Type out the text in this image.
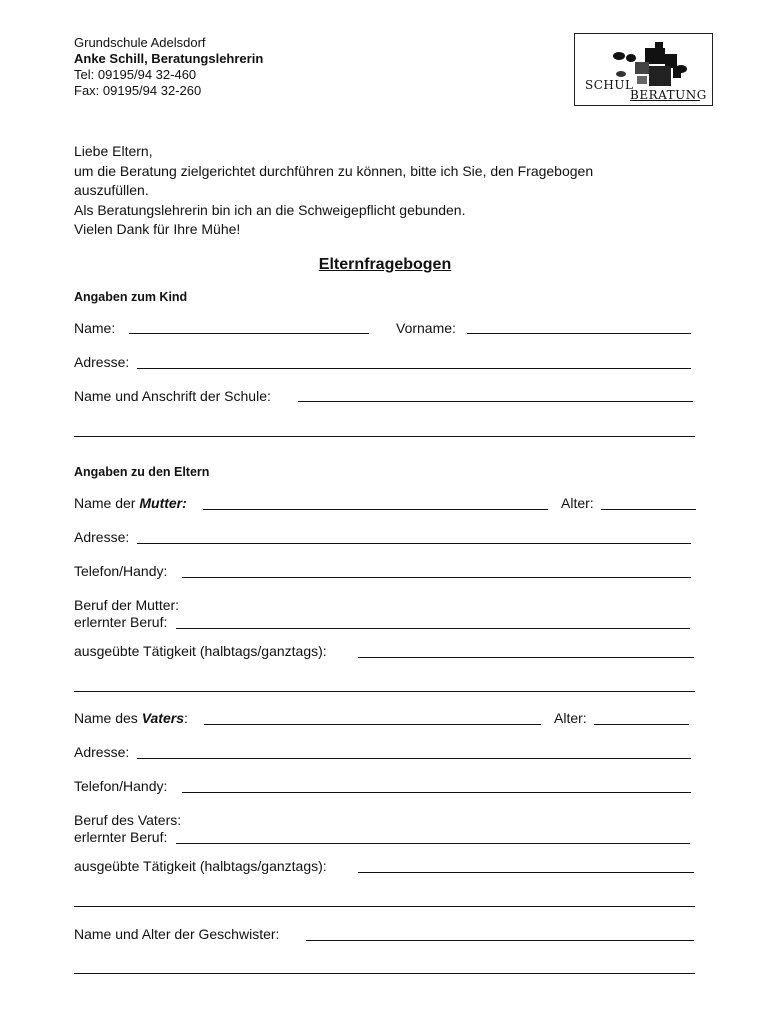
Grundschule Adelsdorf
Anke Schill, Beratungslehrerin
Tel: 09195/94 32-460
Fax: 09195/94 32-260	SCHUL
BERATUNG
Liebe Eltern,
um die Beratung zielgerichtet durchführen zu können, bitte ich Sie, den Fragebogen
auszufüllen.
Als Beratungslehrerin bin ich an die Schweigepflicht gebunden.
Vielen Dank für Ihre Mühe!
Elternfragebogen
Angaben zum Kind
Name:	Vorname:
Adresse:
Name und Anschrift der Schule:
Angaben zu den Eltern
Name der Mutter:	Alter:
Adresse:
Telefon/Handy:
Beruf der Mutter:
erlernter Beruf:
ausgeübte Tätigkeit (halbtags/ganztags):
Name des Vaters:	Alter:
Adresse:
Telefon/Handy:
Beruf des Vaters:
erlernter Beruf:
ausgeübte Tätigkeit (halbtags/ganztags):
Name und Alter der Geschwister:
